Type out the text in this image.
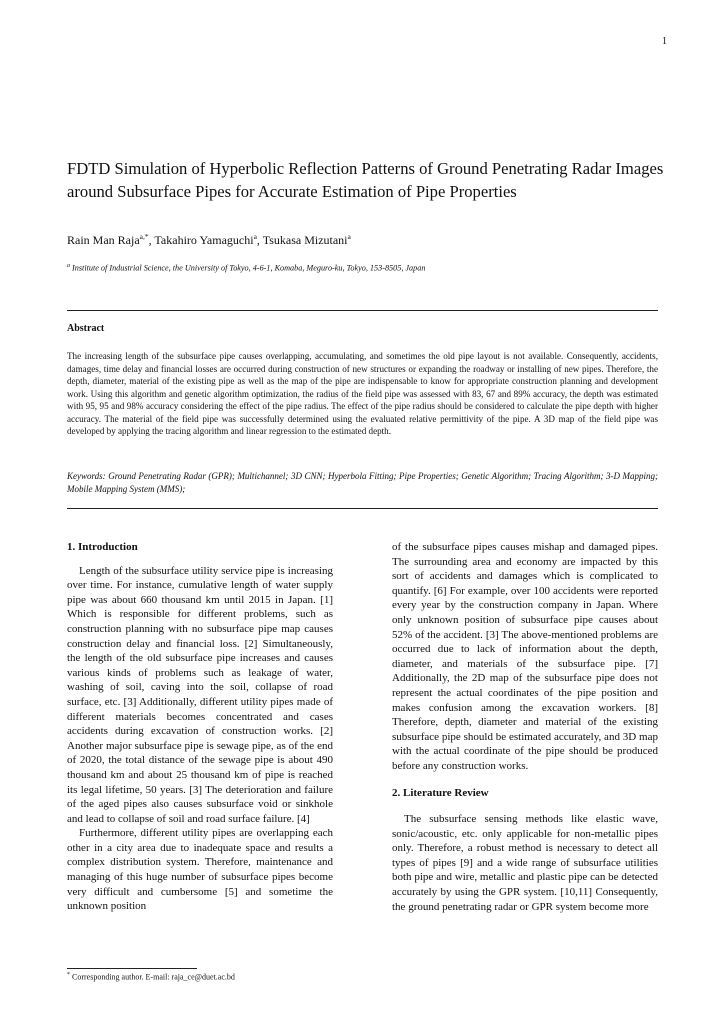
1
FDTD Simulation of Hyperbolic Reflection Patterns of Ground Penetrating Radar Images around Subsurface Pipes for Accurate Estimation of Pipe Properties
Rain Man Raja$^{a,*}$, Takahiro Yamaguchi$^a$, Tsukasa Mizutani$^a$
$^a$ Institute of Industrial Science, the University of Tokyo, 4-6-1, Komaba, Meguro-ku, Tokyo, 153-8505, Japan
Abstract
The increasing length of the subsurface pipe causes overlapping, accumulating, and sometimes the old pipe layout is not available. Consequently, accidents, damages, time delay and financial losses are occurred during construction of new structures or expanding the roadway or installing of new pipes. Therefore, the depth, diameter, material of the existing pipe as well as the map of the pipe are indispensable to know for appropriate construction planning and development work. Using this algorithm and genetic algorithm optimization, the radius of the field pipe was assessed with 83, 67 and 89% accuracy, the depth was estimated with 95, 95 and 98% accuracy considering the effect of the pipe radius. The effect of the pipe radius should be considered to calculate the pipe depth with higher accuracy. The material of the field pipe was successfully determined using the evaluated relative permittivity of the pipe. A 3D map of the field pipe was developed by applying the tracing algorithm and linear regression to the estimated depth.
Keywords: Ground Penetrating Radar (GPR); Multichannel; 3D CNN; Hyperbola Fitting; Pipe Properties; Genetic Algorithm; Tracing Algorithm; 3-D Mapping; Mobile Mapping System (MMS);

1. Introduction

Length of the subsurface utility service pipe is increasing over time. For instance, cumulative length of water supply pipe was about 660 thousand km until 2015 in Japan. [1] Which is responsible for different problems, such as construction planning with no subsurface pipe map causes construction delay and financial loss. [2] Simultaneously, the length of the old subsurface pipe increases and causes various kinds of problems such as leakage of water, washing of soil, caving into the soil, collapse of road surface, etc. [3] Additionally, different utility pipes made of different materials becomes concentrated and cases accidents during excavation of construction works. [2] Another major subsurface pipe is sewage pipe, as of the end of 2020, the total distance of the sewage pipe is about 490 thousand km and about 25 thousand km of pipe is reached its legal lifetime, 50 years. [3] The deterioration and failure of the aged pipes also causes subsurface void or sinkhole and lead to collapse of soil and road surface failure. [4]

Furthermore, different utility pipes are overlapping each other in a city area due to inadequate space and results a complex distribution system. Therefore, maintenance and managing of this huge number of subsurface pipes become very difficult and cumbersome [5] and sometime the unknown position

of the subsurface pipes causes mishap and damaged pipes. The surrounding area and economy are impacted by this sort of accidents and damages which is complicated to quantify. [6] For example, over 100 accidents were reported every year by the construction company in Japan. Where only unknown position of subsurface pipe causes about 52% of the accident. [3] The above-mentioned problems are occurred due to lack of information about the depth, diameter, and materials of the subsurface pipe. [7] Additionally, the 2D map of the subsurface pipe does not represent the actual coordinates of the pipe position and makes confusion among the excavation workers. [8] Therefore, depth, diameter and material of the existing subsurface pipe should be estimated accurately, and 3D map with the actual coordinate of the pipe should be produced before any construction works.

2. Literature Review

The subsurface sensing methods like elastic wave, sonic/acoustic, etc. only applicable for non-metallic pipes only. Therefore, a robust method is necessary to detect all types of pipes [9] and a wide range of subsurface utilities both pipe and wire, metallic and plastic pipe can be detected accurately by using the GPR system. [10,11] Consequently, the ground penetrating radar or GPR system become more

* Corresponding author. E-mail: raja_ce@duet.ac.bd
